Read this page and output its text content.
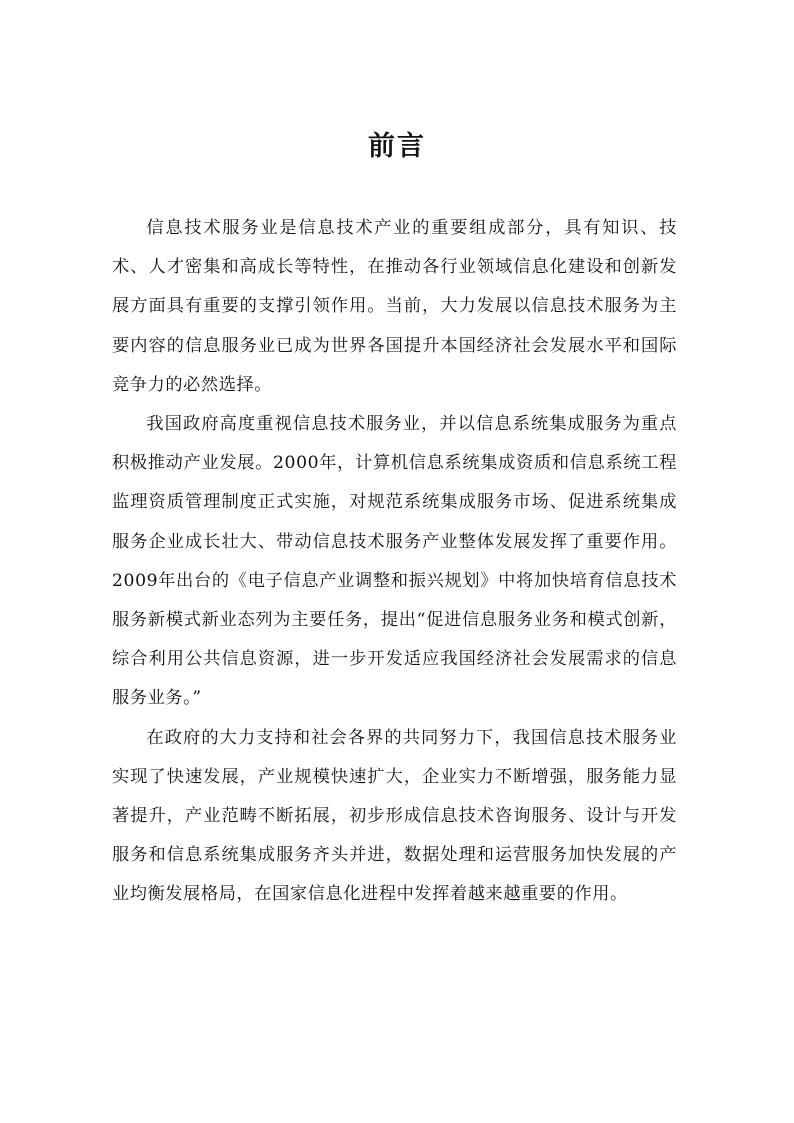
前言

信息技术服务业是信息技术产业的重要组成部分，具有知识、技术、人才密集和高成长等特性，在推动各行业领域信息化建设和创新发展方面具有重要的支撑引领作用。当前，大力发展以信息技术服务为主要内容的信息服务业已成为世界各国提升本国经济社会发展水平和国际竞争力的必然选择。

我国政府高度重视信息技术服务业，并以信息系统集成服务为重点积极推动产业发展。2000年，计算机信息系统集成资质和信息系统工程监理资质管理制度正式实施，对规范系统集成服务市场、促进系统集成服务企业成长壮大、带动信息技术服务产业整体发展发挥了重要作用。2009年出台的《电子信息产业调整和振兴规划》中将加快培育信息技术服务新模式新业态列为主要任务，提出“促进信息服务业务和模式创新，综合利用公共信息资源，进一步开发适应我国经济社会发展需求的信息服务业务。”

在政府的大力支持和社会各界的共同努力下，我国信息技术服务业实现了快速发展，产业规模快速扩大，企业实力不断增强，服务能力显著提升，产业范畴不断拓展，初步形成信息技术咨询服务、设计与开发服务和信息系统集成服务齐头并进，数据处理和运营服务加快发展的产业均衡发展格局，在国家信息化进程中发挥着越来越重要的作用。
